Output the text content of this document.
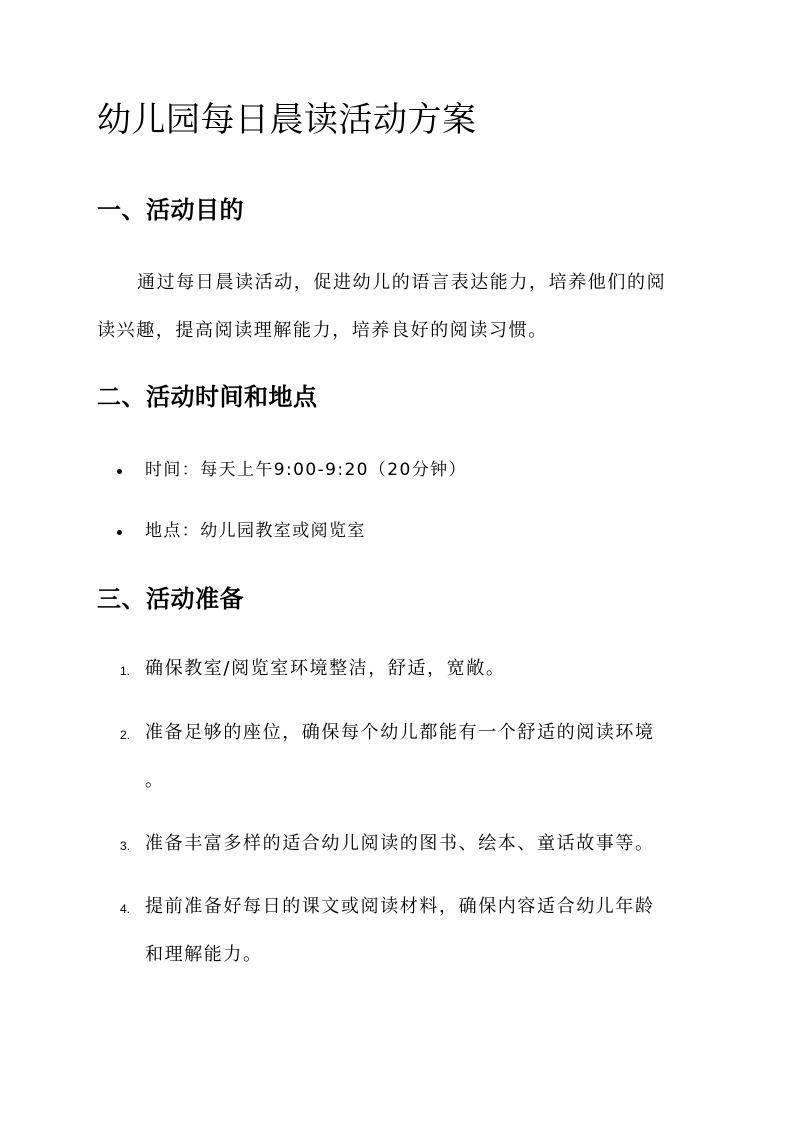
幼儿园每日晨读活动方案
一、活动目的

通过每日晨读活动，促进幼儿的语言表达能力，培养他们的阅

读兴趣，提高阅读理解能力，培养良好的阅读习惯。

二、活动时间和地点

时间：每天上午9:00-9:20（20分钟）

地点：幼儿园教室或阅览室

三、活动准备
1. 确保教室/阅览室环境整洁，舒适，宽敞。

2. 准备足够的座位，确保每个幼儿都能有一个舒适的阅读环境

。

3. 准备丰富多样的适合幼儿阅读的图书、绘本、童话故事等。

4. 提前准备好每日的课文或阅读材料，确保内容适合幼儿年龄

和理解能力。
